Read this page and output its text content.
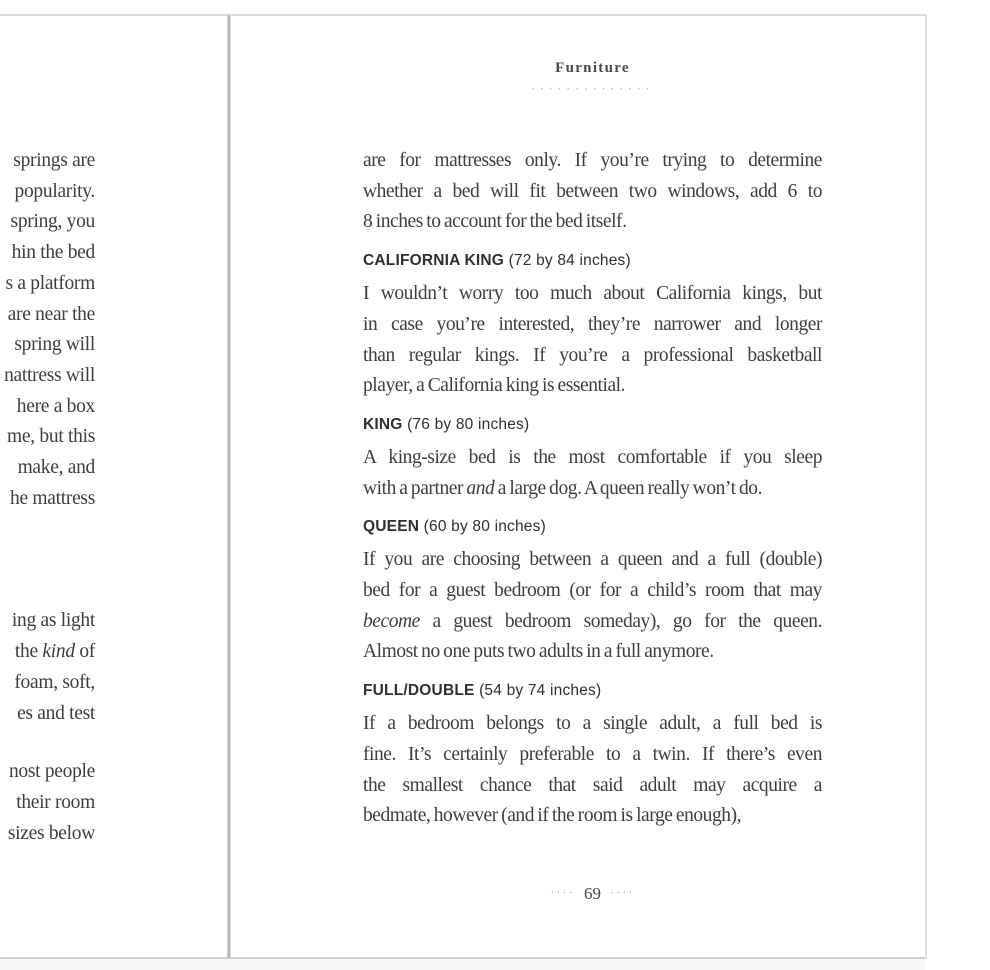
springs are
popularity.
spring, you
hin the bed
s a platform
are near the
spring will
nattress will
here a box
me, but this
make, and
he mattress
ing as light
the kind of
foam, soft,
es and test
nost people
their room
sizes below
Furniture
··············
are for mattresses only. If you’re trying to determine
whether a bed will fit between two windows, add 6 to
8 inches to account for the bed itself.
CALIFORNIA KING (72 by 84 inches)
I wouldn’t worry too much about California kings, but
in case you’re interested, they’re narrower and longer
than regular kings. If you’re a professional basketball
player, a California king is essential.
KING (76 by 80 inches)
A king-size bed is the most comfortable if you sleep
with a partner and a large dog. A queen really won’t do.
QUEEN (60 by 80 inches)
If you are choosing between a queen and a full (double)
bed for a guest bedroom (or for a child’s room that may
become a guest bedroom someday), go for the queen.
Almost no one puts two adults in a full anymore.
FULL/DOUBLE (54 by 74 inches)
If a bedroom belongs to a single adult, a full bed is
fine. It’s certainly preferable to a twin. If there’s even
the smallest chance that said adult may acquire a
bedmate, however (and if the room is large enough),
···· 69 ····
